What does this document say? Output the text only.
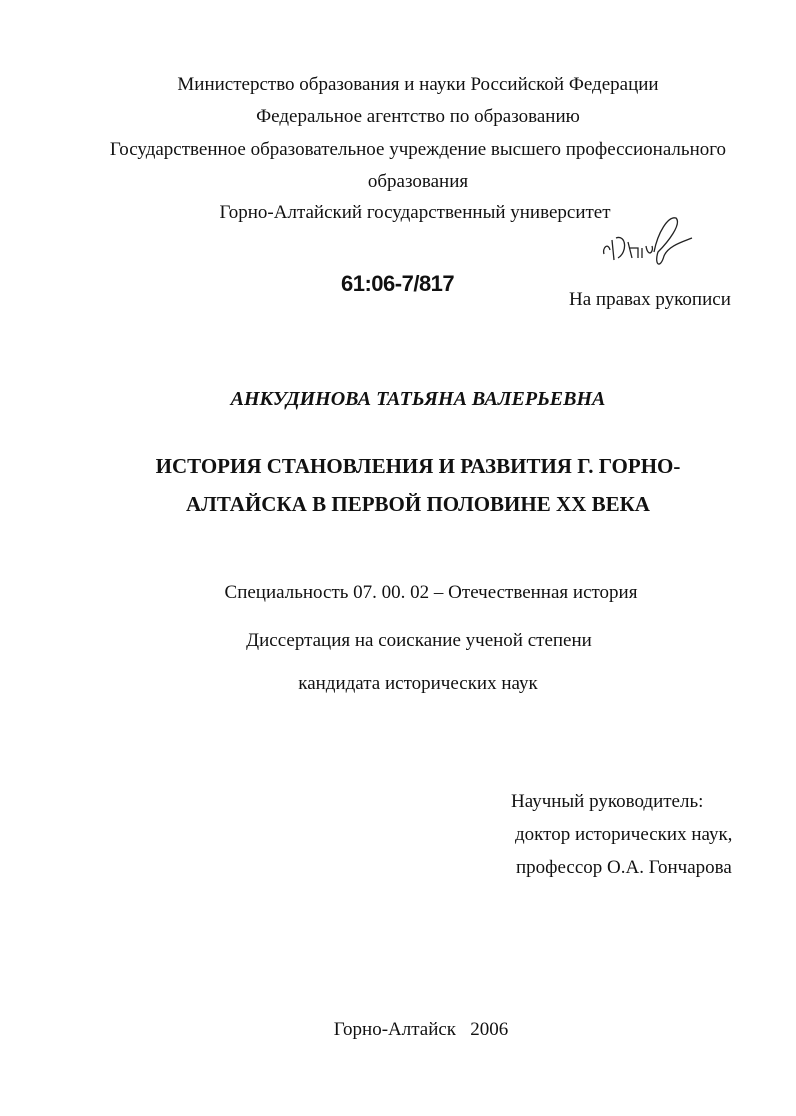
Министерство образования и науки Российской Федерации
Федеральное агентство по образованию
Государственное образовательное учреждение высшего профессионального
образования
Горно-Алтайский государственный университет
61:06-7/817
На правах рукописи
АНКУДИНОВА ТАТЬЯНА ВАЛЕРЬЕВНА
ИСТОРИЯ СТАНОВЛЕНИЯ И РАЗВИТИЯ Г. ГОРНО-
АЛТАЙСКА В ПЕРВОЙ ПОЛОВИНЕ XX ВЕКА
Специальность 07. 00. 02 – Отечественная история
Диссертация на соискание ученой степени
кандидата исторических наук
Научный руководитель:
доктор исторических наук,
профессор О.А. Гончарова
Горно-Алтайск   2006
